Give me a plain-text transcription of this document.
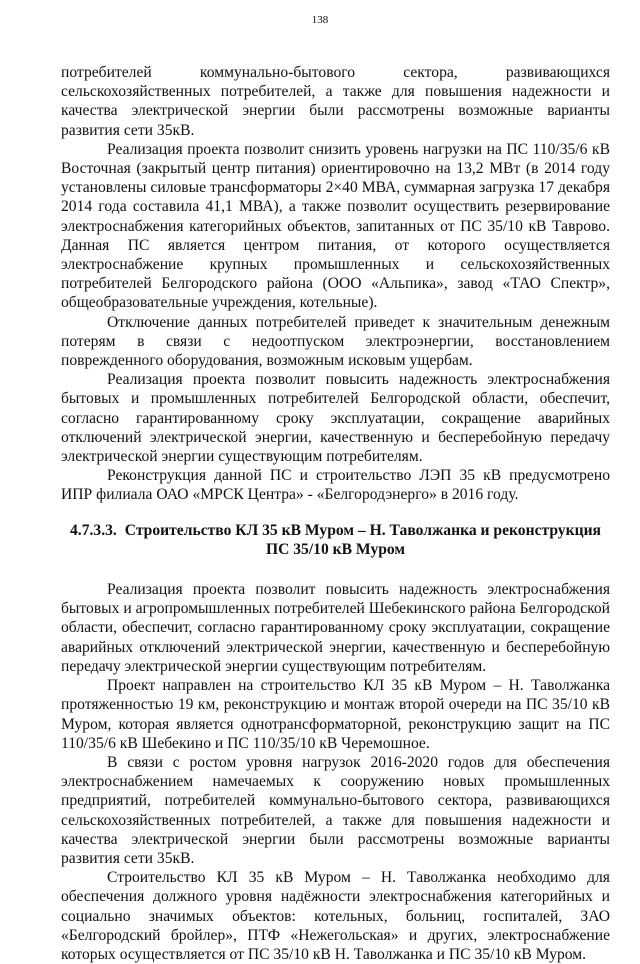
138

потребителей коммунально-бытового сектора, развивающихся сельскохозяйственных потребителей, а также для повышения надежности и качества электрической энергии были рассмотрены возможные варианты развития сети 35кВ.

Реализация проекта позволит снизить уровень нагрузки на ПС 110/35/6 кВ Восточная (закрытый центр питания) ориентировочно на 13,2 МВт (в 2014 году установлены силовые трансформаторы 2×40 МВА, суммарная загрузка 17 декабря 2014 года составила 41,1 МВА), а также позволит осуществить резервирование электроснабжения категорийных объектов, запитанных от ПС 35/10 кВ Таврово. Данная ПС является центром питания, от которого осуществляется электроснабжение крупных промышленных и сельскохозяйственных потребителей Белгородского района (ООО «Альпика», завод «ТАО Спектр», общеобразовательные учреждения, котельные).

Отключение данных потребителей приведет к значительным денежным потерям в связи с недоотпуском электроэнергии, восстановлением поврежденного оборудования, возможным исковым ущербам.

Реализация проекта позволит повысить надежность электроснабжения бытовых и промышленных потребителей Белгородской области, обеспечит, согласно гарантированному сроку эксплуатации, сокращение аварийных отключений электрической энергии, качественную и бесперебойную передачу электрической энергии существующим потребителям.

Реконструкция данной ПС и строительство ЛЭП 35 кВ предусмотрено ИПР филиала ОАО «МРСК Центра» - «Белгородэнерго» в 2016 году.

4.7.3.3. Строительство КЛ 35 кВ Муром – Н. Таволжанка и реконструкция
ПС 35/10 кВ Муром

Реализация проекта позволит повысить надежность электроснабжения бытовых и агропромышленных потребителей Шебекинского района Белгородской области, обеспечит, согласно гарантированному сроку эксплуатации, сокращение аварийных отключений электрической энергии, качественную и бесперебойную передачу электрической энергии существующим потребителям.

Проект направлен на строительство КЛ 35 кВ Муром – Н. Таволжанка протяженностью 19 км, реконструкцию и монтаж второй очереди на ПС 35/10 кВ Муром, которая является однотрансформаторной, реконструкцию защит на ПС 110/35/6 кВ Шебекино и ПС 110/35/10 кВ Черемошное.

В связи с ростом уровня нагрузок 2016-2020 годов для обеспечения электроснабжением намечаемых к сооружению новых промышленных предприятий, потребителей коммунально-бытового сектора, развивающихся сельскохозяйственных потребителей, а также для повышения надежности и качества электрической энергии были рассмотрены возможные варианты развития сети 35кВ.

Строительство КЛ 35 кВ Муром – Н. Таволжанка необходимо для обеспечения должного уровня надёжности электроснабжения категорийных и социально значимых объектов: котельных, больниц, госпиталей, ЗАО «Белгородский бройлер», ПТФ «Нежегольская» и других, электроснабжение которых осуществляется от ПС 35/10 кВ Н. Таволжанка и ПС 35/10 кВ Муром.
